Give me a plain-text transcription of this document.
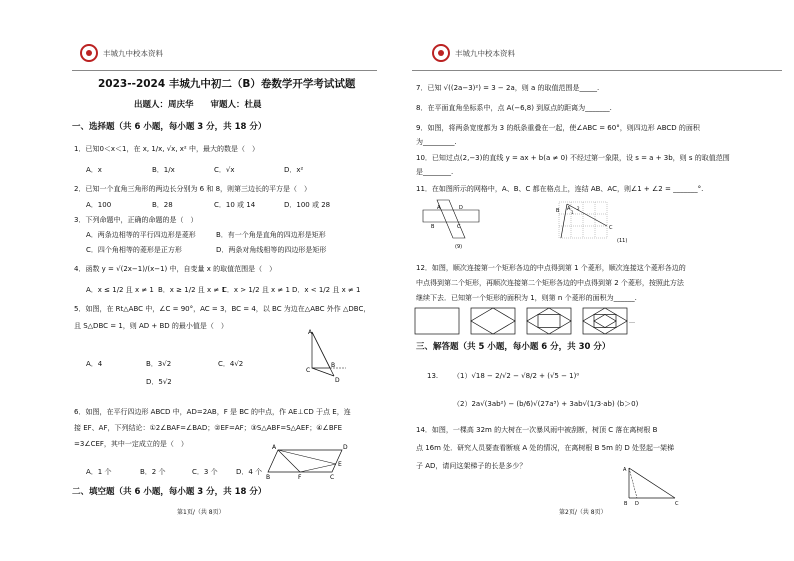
丰城九中校本资料
2023--2024 丰城九中初二（B）卷数学开学考试试题
出题人：周庆华　　审题人：杜晨
一、选择题（共 6 小题，每小题 3 分，共 18 分）
1．已知0＜x＜1，在 x, 1/x, √x, x² 中，最大的数是（　）
A．x	B．1/x	C．√x	D．x²
2．已知一个直角三角形的两边长分别为 6 和 8，则第三边长的平方是（　）
A．100	B．28	C．10 或 14	D．100 或 28
3．下列命题中，正确的命题的是（　）
A．两条边相等的平行四边形是菱形	B．有一个角是直角的四边形是矩形
C．四个角相等的菱形是正方形	D．两条对角线相等的四边形是矩形
4．函数 y = √(2x−1)/(x−1) 中，自变量 x 的取值范围是（　）
A．x ≤ 1/2 且 x ≠ 1 B．x ≥ 1/2 且 x ≠ 1
C．x > 1/2 且 x ≠ 1 D．x < 1/2 且 x ≠ 1
5．如图，在 Rt△ABC 中，∠C = 90°，AC = 3，BC = 4，以 BC 为边在△ABC 外作 △DBC，
且 S△DBC = 1，则 AD + BD 的最小值是（　）
A．4	B．3√2	C．4√2
D．5√2
A
C
B
D
6．如图，在平行四边形 ABCD 中，AD=2AB，F 是 BC 的中点，作 AE⊥CD 于点 E，连
接 EF、AF，下列结论：①2∠BAF=∠BAD；②EF=AF；③S△ABF=S△AEF；④∠BFE
=3∠CEF，其中一定成立的是（　）
A．1 个	B．2 个	C．3 个	D．4 个
A	D
E
B	F	C
二、填空题（共 6 小题，每小题 3 分，共 18 分）
第1页/（共 8页）
丰城九中校本资料
7．已知 √((2a−3)²) = 3 − 2a，则 a 的取值范围是_____.
8．在平面直角坐标系中，点 A(−6,8) 到原点的距离为_______.
9．如图，将两条宽度都为 3 的纸条重叠在一起，使∠ABC = 60°，则四边形 ABCD 的面积
为_________.
10．已知过点(2,−3)的直线 y = ax + b(a ≠ 0) 不经过第一象限，设 s = a + 3b，则 s 的取值范围
是________.
11．在如图所示的网格中，A、B、C 都在格点上，连结 AB、AC，则∠1 + ∠2 = _______°.
A	D
B	C
(9)
A
B
C
1
2
(11)
12．如图，顺次连接第一个矩形各边的中点得到第 1 个菱形，顺次连接这个菱形各边的
中点得到第二个矩形，再顺次连接第二个矩形各边的中点得到第 2 个菱形，按照此方法
继续下去．已知第一个矩形的面积为 1，则第 n 个菱形的面积为______.
…
三、解答题（共 5 小题，每小题 6 分，共 30 分）
13. （1）√18 − 2/√2 − √8/2 + (√5 − 1)⁰
（2）2a√(3ab²) − (b/6)√(27a³) + 3ab√(1/3·ab) (b＞0)
14．如图，一棵高 32m 的大树在一次暴风雨中被刮断，树顶 C 落在离树根 B
点 16m 处．研究人员要查看断痕 A 处的情况，在离树根 B 5m 的 D 处竖起一架梯
子 AD，请问这架梯子的长是多少？	A
B D	C
第2页/（共 8页）
